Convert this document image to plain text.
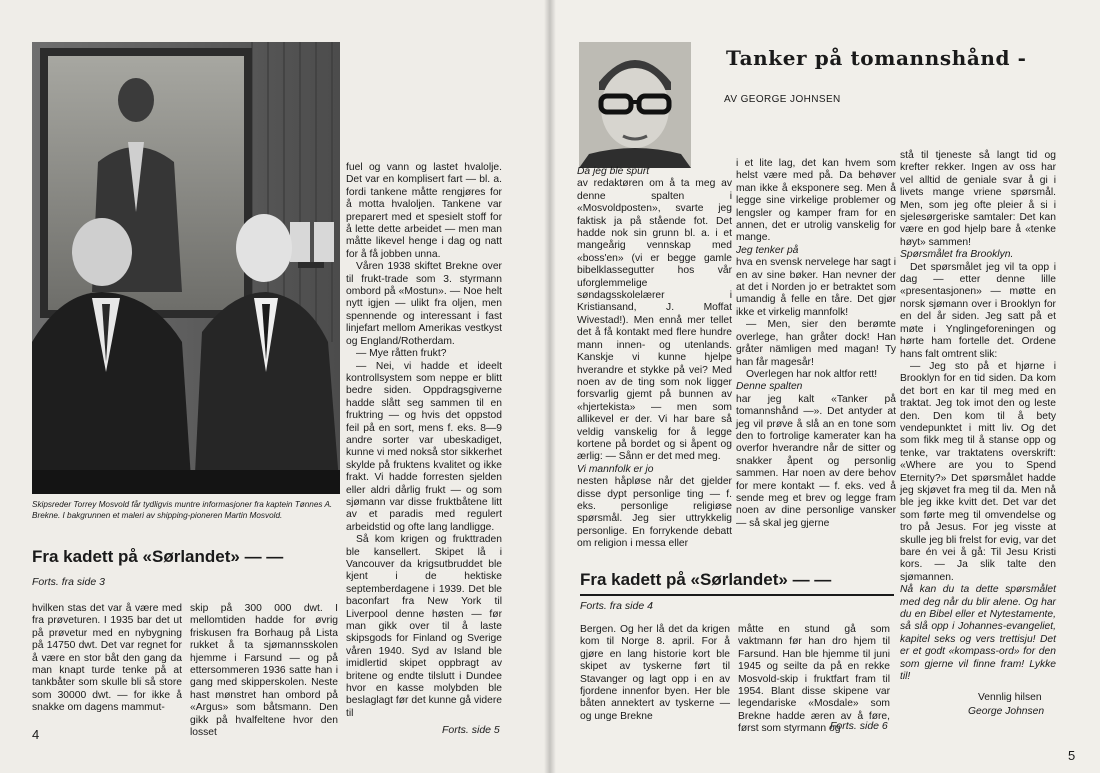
Skipsreder Torrey Mosvold får tydligvis muntre informasjoner fra kaptein Tønnes A. Brekne. I bakgrunnen et maleri av shipping-pioneren Martin Mosvold.

fuel og vann og lastet hvalolje. Det var en komplisert fart — bl. a. fordi tankene måtte rengjøres for å motta hvaloljen. Tankene var preparert med et spesielt stoff for å lette dette arbeidet — men man måtte likevel henge i dag og natt for å få jobben unna.

Våren 1938 skiftet Brekne over til frukt-trade som 3. styrmann ombord på «Mostun». — Noe helt nytt igjen — ulikt fra oljen, men spennende og interessant i fast linjefart mellom Amerikas vestkyst og England/Rotherdam.

— Mye råtten frukt?

— Nei, vi hadde et ideelt kontrollsystem som neppe er blitt bedre siden. Oppdragsgiverne hadde slått seg sammen til en fruktring — og hvis det oppstod feil på en sort, mens f. eks. 8—9 andre sorter var ubeskadiget, kunne vi med nokså stor sikkerhet skylde på fruktens kvalitet og ikke frakt. Vi hadde forresten sjelden eller aldri dårlig frukt — og som sjømann var disse fruktbåtene litt av et paradis med regulert arbeidstid og ofte lang landligge.

Så kom krigen og frukttraden ble kansellert. Skipet lå i Vancouver da krigsutbruddet ble kjent i de hektiske septemberdagene i 1939. Det ble baconfart fra New York til Liverpool denne høsten — før man gikk over til å laste skipsgods for Finland og Sverige våren 1940. Syd av Island ble imidlertid skipet oppbragt av britene og endte tilslutt i Dundee hvor en kasse molybden ble beslaglagt før det kunne gå videre til

Forts. side 5
Fra kadett på «Sørlandet» — —
Forts. fra side 3
hvilken stas det var å være med fra prøveturen. I 1935 bar det ut på prøvetur med en nybygning på 14750 dwt. Det var regnet for å være en stor båt den gang da man knapt turde tenke på at tankbåter som skulle bli så store som 30000 dwt. — for ikke å snakke om dagens mammut-
skip på 300 000 dwt. I mellomtiden hadde for øvrig friskusen fra Borhaug på Lista rukket å ta sjømannsskolen hjemme i Farsund — og på ettersommeren 1936 satte han i gang med skipperskolen. Neste hast mønstret han ombord på «Argus» som båtsmann. Den gikk på hvalfeltene hvor den losset
4
Tanker på tomannshånd -
AV GEORGE JOHNSEN

Da jeg ble spurt

av redaktøren om å ta meg av denne spalten i «Mosvoldposten», svarte jeg faktisk ja på stående fot. Det hadde nok sin grunn bl. a. i et mangeårig vennskap med «boss'en» (vi er begge gamle bibelklassegutter hos vår uforglemmelige søndagsskolelærer i Kristiansand, J. Moffat Wivestad!). Men ennå mer tellet det å få kontakt med flere hundre mann innen- og utenlands. Kanskje vi kunne hjelpe hverandre et stykke på vei? Med noen av de ting som nok ligger forsvarlig gjemt på bunnen av «hjertekista» — men som allikevel er der. Vi har bare så veldig vanskelig for å legge kortene på bordet og si åpent og ærlig: — Sånn er det med meg.

Vi mannfolk er jo

nesten håpløse når det gjelder disse dypt personlige ting — f. eks. personlige religiøse spørsmål. Jeg sier uttrykkelig personlige. En forrykende debatt om religion i messa eller

i et lite lag, det kan hvem som helst være med på. Da behøver man ikke å eksponere seg. Men å legge sine virkelige problemer og lengsler og kamper fram for en annen, det er utrolig vanskelig for mange.

Jeg tenker på

hva en svensk nervelege har sagt i en av sine bøker. Han nevner der at det i Norden jo er betraktet som umandig å felle en tåre. Det gjør ikke et virkelig mannfolk!

— Men, sier den berømte overlege, han gråter dock! Han gråter nämligen med magan! Ty han får magesår!

Overlegen har nok altfor rett!

Denne spalten

har jeg kalt «Tanker på tomannshånd —». Det antyder at jeg vil prøve å slå an en tone som den to fortrolige kamerater kan ha overfor hverandre når de sitter og snakker åpent og personlig sammen. Har noen av dere behov for mere kontakt — f. eks. ved å sende meg et brev og legge fram noen av dine personlige vansker — så skal jeg gjerne

stå til tjeneste så langt tid og krefter rekker. Ingen av oss har vel alltid de geniale svar å gi i livets mange vriene spørsmål. Men, som jeg ofte pleier å si i sjelesørgeriske samtaler: Det kan være en god hjelp bare å «tenke høyt» sammen!

Spørsmålet fra Brooklyn.

Det spørsmålet jeg vil ta opp i dag — etter denne lille «presentasjonen» — møtte en norsk sjømann over i Brooklyn for en del år siden. Jeg satt på et møte i Ynglingeforeningen og hørte ham fortelle det. Ordene hans falt omtrent slik:

— Jeg sto på et hjørne i Brooklyn for en tid siden. Da kom det bort en kar til meg med en traktat. Jeg tok imot den og leste den. Den kom til å bety vendepunktet i mitt liv. Og det som fikk meg til å stanse opp og tenke, var traktatens overskrift: «Where are you to Spend Eternity?» Det spørsmålet hadde jeg skjøvet fra meg til da. Men nå ble jeg ikke kvitt det. Det var det som førte meg til omvendelse og tro på Jesus. For jeg visste at skulle jeg bli frelst for evig, var det bare én vei å gå: Til Jesu Kristi kors. — Ja slik talte den sjømannen.

Nå kan du ta dette spørsmålet med deg når du blir alene. Og har du en Bibel eller et Nytestamente, så slå opp i Johannes-evangeliet, kapitel seks og vers trettisju! Det er et godt «kompass-ord» for den som gjerne vil finne fram! Lykke til!

Vennlig hilsen
George Johnsen
Fra kadett på «Sørlandet» — —
Forts. fra side 4
Bergen. Og her lå det da krigen kom til Norge 8. april. For å gjøre en lang historie kort ble skipet av tyskerne ført til Stavanger og lagt opp i en av fjordene innenfor byen. Her ble båten annektert av tyskerne — og unge Brekne
måtte en stund gå som vaktmann før han dro hjem til Farsund. Han ble hjemme til juni 1945 og seilte da på en rekke Mosvold-skip i fruktfart fram til 1954. Blant disse skipene var legendariske «Mosdale» som Brekne hadde æren av å føre, først som styrmann og
Forts. side 6
5
